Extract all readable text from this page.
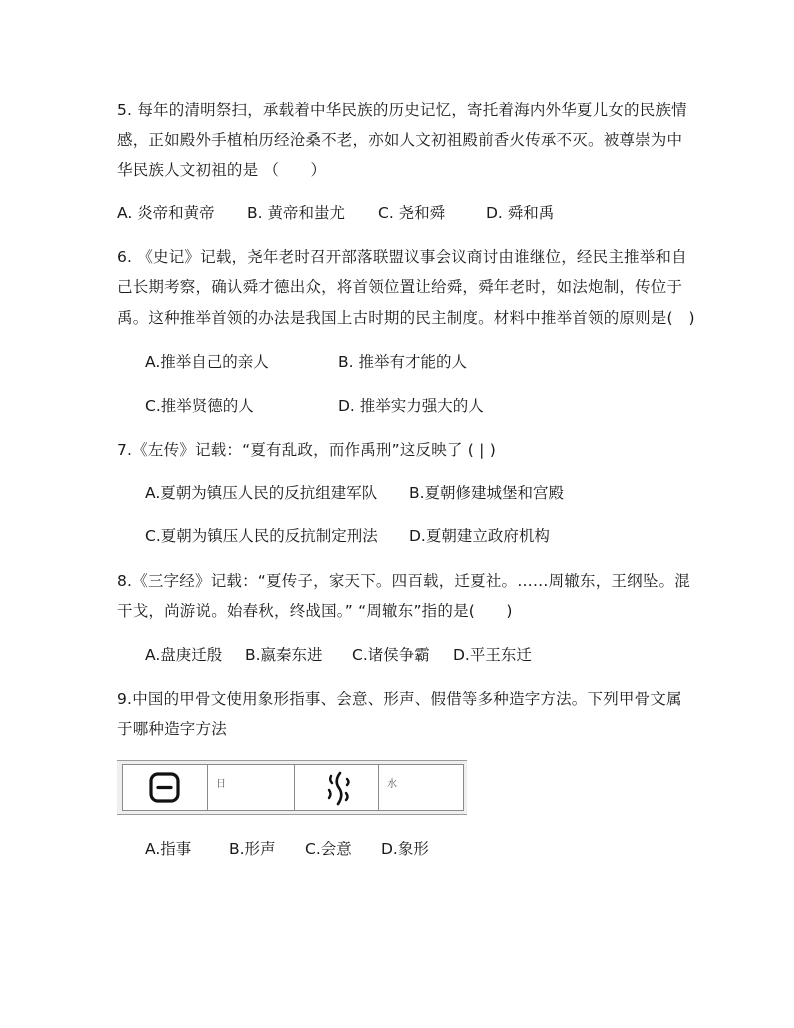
5. 每年的清明祭扫，承载着中华民族的历史记忆，寄托着海内外华夏儿女的民族情
感，正如殿外手植柏历经沧桑不老，亦如人文初祖殿前香火传承不灭。被尊崇为中
华民族人文初祖的是 （　　）
A. 炎帝和黄帝 B. 黄帝和蚩尤 C. 尧和舜	D. 舜和禹
6. 《史记》记载，尧年老时召开部落联盟议事会议商讨由谁继位，经民主推举和自
己长期考察，确认舜才德出众，将首领位置让给舜，舜年老时，如法炮制，传位于
禹。这种推举首领的办法是我国上古时期的民主制度。材料中推举首领的原则是(　)
A.推举自己的亲人	B. 推举有才能的人
C.推举贤德的人	D. 推举实力强大的人
7.《左传》记载：“夏有乱政，而作禹刑”这反映了 ( | )
A.夏朝为镇压人民的反抗组建军队 B.夏朝修建城堡和宫殿
C.夏朝为镇压人民的反抗制定刑法 D.夏朝建立政府机构
8.《三字经》记载：“夏传子，家天下。四百载，迁夏社。……周辙东，王纲坠。混
干戈，尚游说。始春秋，终战国。” “周辙东”指的是(　　)
A.盘庚迁殷 B.嬴秦东进 C.诸侯争霸 D.平王东迁
9.中国的甲骨文使用象形指事、会意、形声、假借等多种造字方法。下列甲骨文属
于哪种造字方法
日	水
A.指事 B.形声 C.会意 D.象形
